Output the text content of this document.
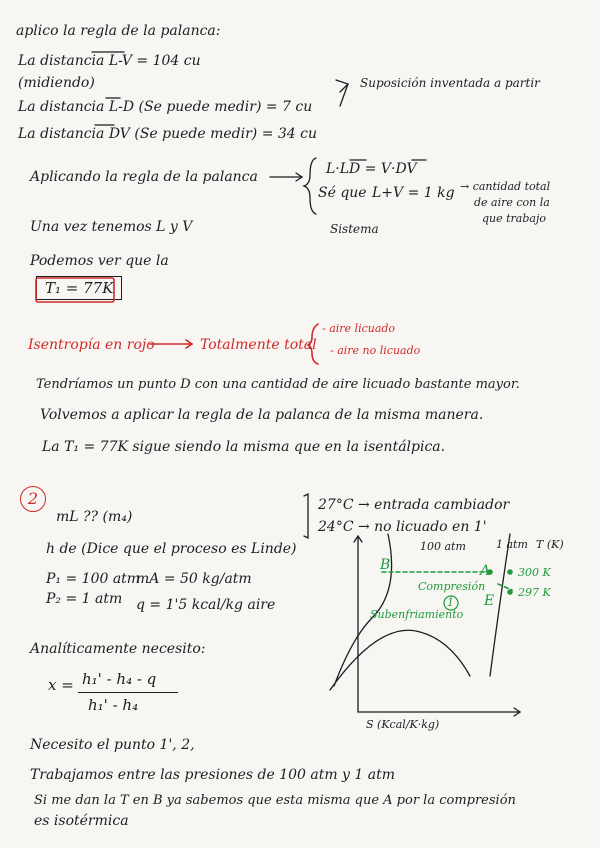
aplico la regla de la palanca:
La distancia L-V = 104 cu
(midiendo)
La distancia L-D (Se puede medir) = 7 cu
La distancia DV (Se puede medir) = 34 cu
Suposición inventada a partir
Aplicando la regla de la palanca	L·LD = V·DV
Sé que L+V = 1 kg → cantidad total
de aire con la
que trabajo
Sistema
Una vez tenemos L y V
Podemos ver que la
T₁ = 77K
Isentropía en rojo	Totalmente total
- aire licuado
- aire no licuado
Tendríamos un punto D con una cantidad de aire licuado bastante mayor.
Volvemos a aplicar la regla de la palanca de la misma manera.
La T₁ = 77K sigue siendo la misma que en la isentálpica.
2
mL ?? (m₄)
h de (Dice que el proceso es Linde)
P₁ = 100 atm
P₂ = 1 atm
mA = 50 kg/atm
q = 1'5 kcal/kg aire
27°C → entrada cambiador
24°C → no licuado en 1'
Analíticamente necesito:
x = h₁' - h₄ - q
h₁' - h₄
Necesito el punto 1', 2,
Trabajamos entre las presiones de 100 atm y 1 atm
Si me dan la T en B ya sabemos que esta misma que A por la compresión
es isotérmica
100 atm	1 atm T (K)
B	A
E
Compresión
Subenfriamiento
1
300 K
297 K
S (Kcal/K·kg)
